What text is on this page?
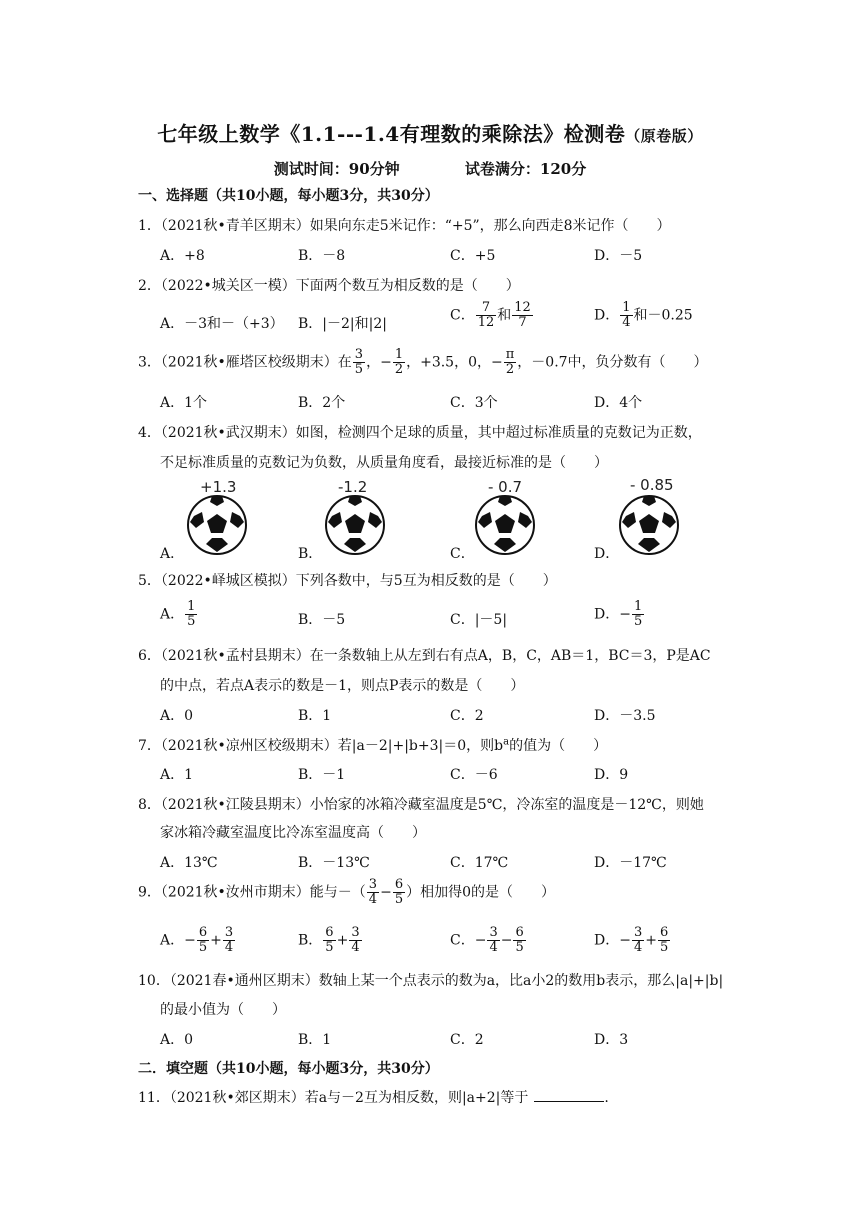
七年级上数学《1.1---1.4有理数的乘除法》检测卷（原卷版）
测试时间：90分钟	试卷满分：120分
一、选择题（共10小题，每小题3分，共30分）
1．（2021秋•青羊区期末）如果向东走5米记作：“+5”，那么向西走8米记作（　　）
A．+8	B．－8	C．+5	D．－5
2．（2022•城关区一模）下面两个数互为相反数的是（　　）
A．－3和－（+3） B．|－2|和|2|
C． $\frac{7}{12}$ 和 $\frac{12}{7}$	D． $\frac{1}{4}$ 和－0.25
3．（2021秋•雁塔区校级期末）在 $\frac{3}{5}$ ，− $\frac{1}{2}$ ，+3.5，0，− $\frac{\pi}{2}$ ，－0.7中，负分数有（　　）
A．1个	B．2个	C．3个	D．4个
4．（2021秋•武汉期末）如图，检测四个足球的质量，其中超过标准质量的克数记为正数，
不足标准质量的克数记为负数，从质量角度看，最接近标准的是（　　）
+1.3	-1.2	- 0.7	- 0.85
A．	B．	C．	D．
5．（2022•峄城区模拟）下列各数中，与5互为相反数的是（　　）
A． $\frac{1}{5}$	B．－5	C．|－5|	D．− $\frac{1}{5}$
6．（2021秋•孟村县期末）在一条数轴上从左到右有点A，B，C，AB＝1，BC＝3，P是AC
的中点，若点A表示的数是－1，则点P表示的数是（　　）
A．0	B．1	C．2	D．－3.5
7．（2021秋•凉州区校级期末）若|a－2|+|b+3|＝0，则$b^a$的值为（　　）
A．1	B．－1	C．－6	D．9
8．（2021秋•江陵县期末）小怡家的冰箱冷藏室温度是5℃，冷冻室的温度是－12℃，则她
家冰箱冷藏室温度比冷冻室温度高（　　）
A．13℃	B．－13℃	C．17℃	D．－17℃
9．（2021秋•汝州市期末）能与－（ $\frac{3}{4} - \frac{6}{5}$ ）相加得0的是（　　）
A．− $\frac{6}{5} + \frac{3}{4}$	B． $\frac{6}{5} + \frac{3}{4}$	C．− $\frac{3}{4} - \frac{6}{5}$	D．− $\frac{3}{4} + \frac{6}{5}$
10．（2021春•通州区期末）数轴上某一个点表示的数为a，比a小2的数用b表示，那么|a|+|b|
的最小值为（　　）
A．0	B．1	C．2	D．3
二．填空题（共10小题，每小题3分，共30分）
11．（2021秋•郊区期末）若a与－2互为相反数，则|a+2|等于	.
